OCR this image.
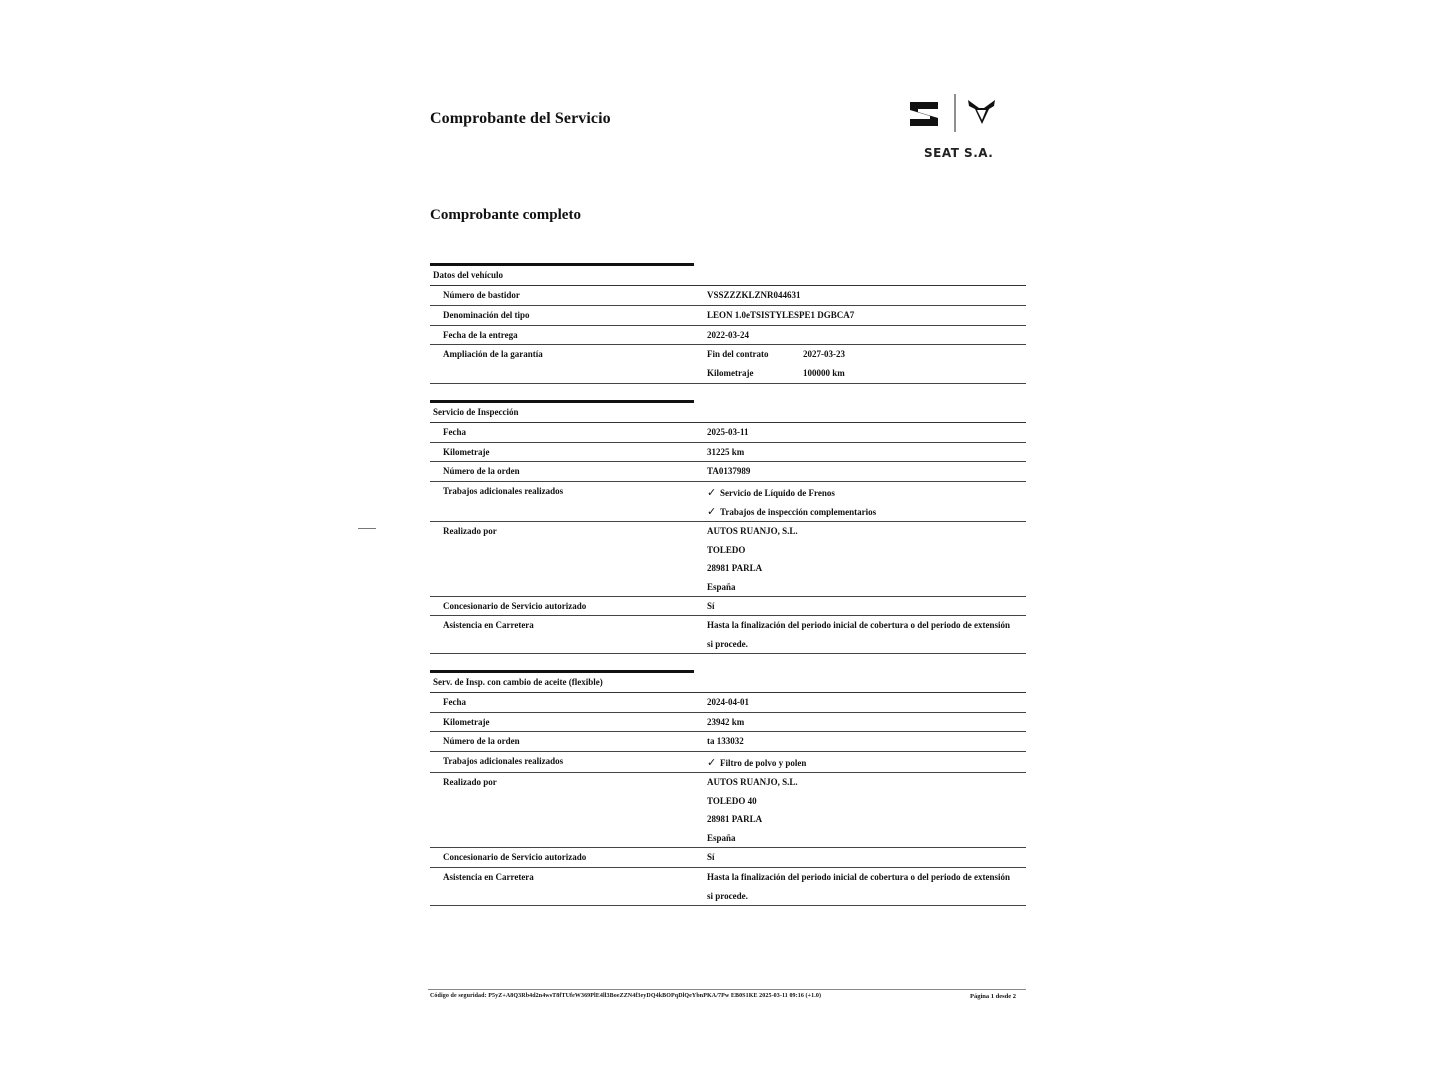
Comprobante del Servicio
SEAT S.A.
Comprobante completo
Datos del vehículo
Número de bastidor	VSSZZZKLZNR044631
Denominación del tipo	LEON 1.0eTSISTYLESPE1 DGBCA7
Fecha de la entrega	2022-03-24
Ampliación de la garantía	Fin del contrato	2027-03-23
Kilometraje	100000 km
Servicio de Inspección
Fecha	2025-03-11
Kilometraje	31225 km
Número de la orden	TA0137989
Trabajos adicionales realizados	✓ Servicio de Líquido de Frenos
✓ Trabajos de inspección complementarios
Realizado por	AUTOS RUANJO, S.L.
TOLEDO
28981 PARLA
España
Concesionario de Servicio autorizado	Sí
Asistencia en Carretera	Hasta la finalización del periodo inicial de cobertura o del periodo de extensión
si procede.
Serv. de Insp. con cambio de aceite (flexible)
Fecha	2024-04-01
Kilometraje	23942 km
Número de la orden	ta 133032
Trabajos adicionales realizados	✓ Filtro de polvo y polen
Realizado por	AUTOS RUANJO, S.L.
TOLEDO 40
28981 PARLA
España
Concesionario de Servicio autorizado	Sí
Asistencia en Carretera	Hasta la finalización del periodo inicial de cobertura o del periodo de extensión
si procede.
Código de seguridad: P5yZ+A8Q3Rb4d2n4wsT8fTUfeW369PlE4ll3BoeZZN4f3eyDQ4kBOPqDlQeYbnPKA/7Pw EB0S1KE 2025-03-11 09:16 (+1.0)	Página 1 desde 2
